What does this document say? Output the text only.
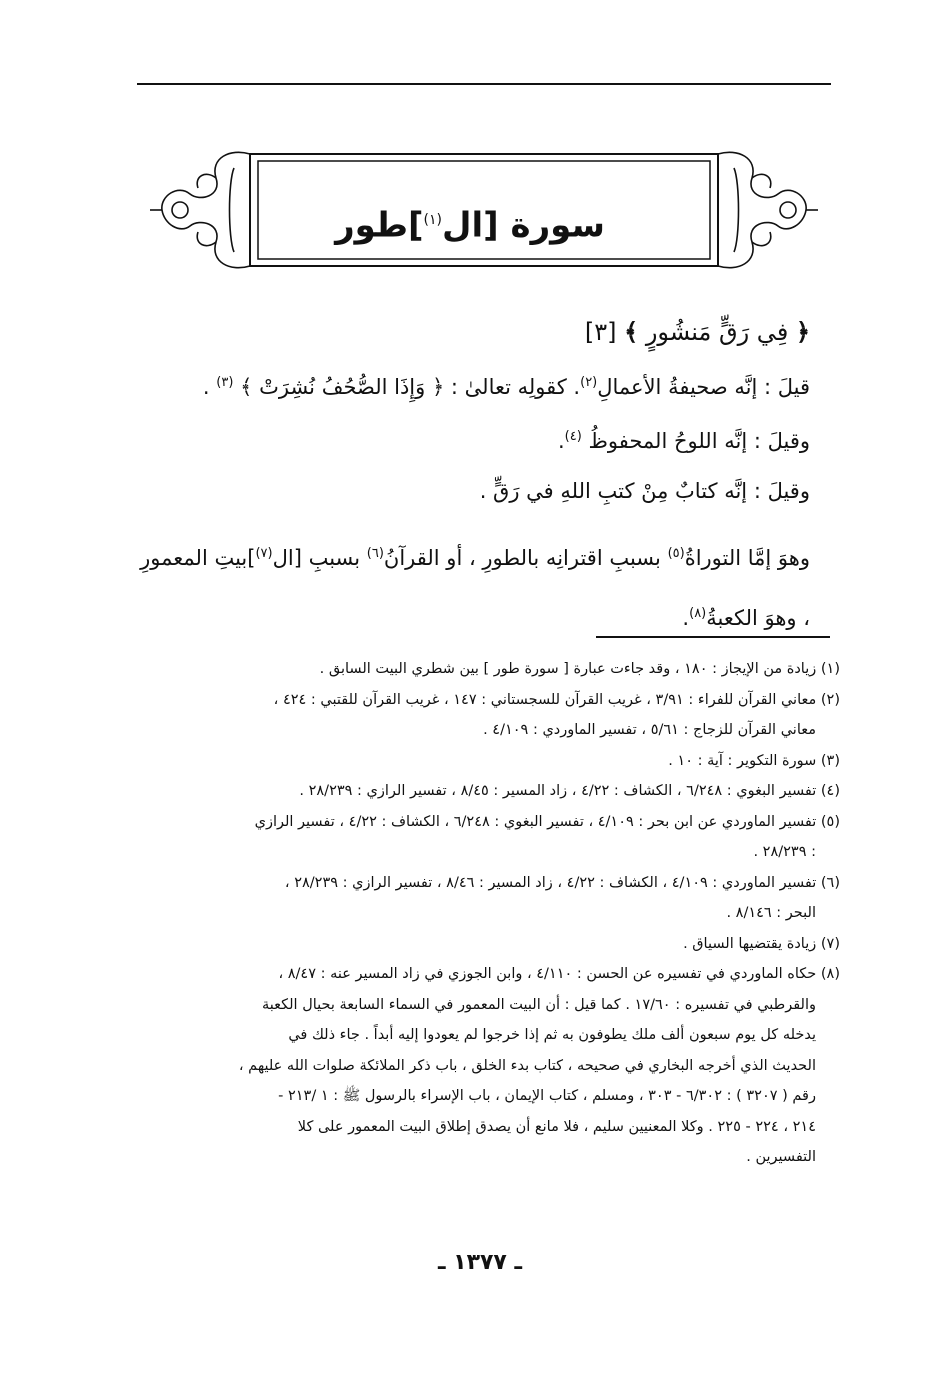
سورة [ال$^{(١)}$]طور
﴿ فِي رَقٍّ مَنشُورٍ ﴾ [٣]
قيلَ : إنَّه صحيفةُ الأعمالِ$^{(٢)}$. كقولِه تعالىٰ : ﴿ وَإِذَا الصُّحُفُ نُشِرَتْ ﴾ $^{(٣)}$ .
وقيلَ : إنَّه اللوحُ المحفوظُ $^{(٤)}$.
وقيلَ : إنَّه كتابٌ مِنْ كتبِ اللهِ في رَقٍّ .
وهوَ إمَّا التوراةُ$^{(٥)}$ بسببِ اقترانِه بالطورِ ، أو القرآنُ$^{(٦)}$ بسببِ [ال$^{(٧)}$]بيتِ المعمورِ ، وهوَ الكعبةُ$^{(٨)}$.
(١) زيادة من الإيجاز : ١٨٠ ، وقد جاءت عبارة [ سورة طور ] بين شطري البيت السابق .
(٢) معاني القرآن للفراء : ٣/٩١ ، غريب القرآن للسجستاني : ١٤٧ ، غريب القرآن للقتبي : ٤٢٤ ،
معاني القرآن للزجاج : ٥/٦١ ، تفسير الماوردي : ٤/١٠٩ .
(٣) سورة التكوير : آية : ١٠ .
(٤) تفسير البغوي : ٦/٢٤٨ ، الكشاف : ٤/٢٢ ، زاد المسير : ٨/٤٥ ، تفسير الرازي : ٢٨/٢٣٩ .
(٥) تفسير الماوردي عن ابن بحر : ٤/١٠٩ ، تفسير البغوي : ٦/٢٤٨ ، الكشاف : ٤/٢٢ ، تفسير الرازي
: ٢٨/٢٣٩ .
(٦) تفسير الماوردي : ٤/١٠٩ ، الكشاف : ٤/٢٢ ، زاد المسير : ٨/٤٦ ، تفسير الرازي : ٢٨/٢٣٩ ،
البحر : ٨/١٤٦ .
(٧) زيادة يقتضيها السياق .
(٨) حكاه الماوردي في تفسيره عن الحسن : ٤/١١٠ ، وابن الجوزي في زاد المسير عنه : ٨/٤٧ ،
والقرطبي في تفسيره : ١٧/٦٠ . كما قيل : أن البيت المعمور في السماء السابعة بحيال الكعبة
يدخله كل يوم سبعون ألف ملك يطوفون به ثم إذا خرجوا لم يعودوا إليه أبداً . جاء ذلك في
الحديث الذي أخرجه البخاري في صحيحه ، كتاب بدء الخلق ، باب ذكر الملائكة صلوات الله عليهم ،
رقم ( ٣٢٠٧ ) : ٦/٣٠٢ - ٣٠٣ ، ومسلم ، كتاب الإيمان ، باب الإسراء بالرسول ﷺ : ١ /٢١٣ -
٢١٤ ، ٢٢٤ - ٢٢٥ . وكلا المعنيين سليم ، فلا مانع أن يصدق إطلاق البيت المعمور على كلا
التفسيرين .
ـ ١٣٧٧ ـ
